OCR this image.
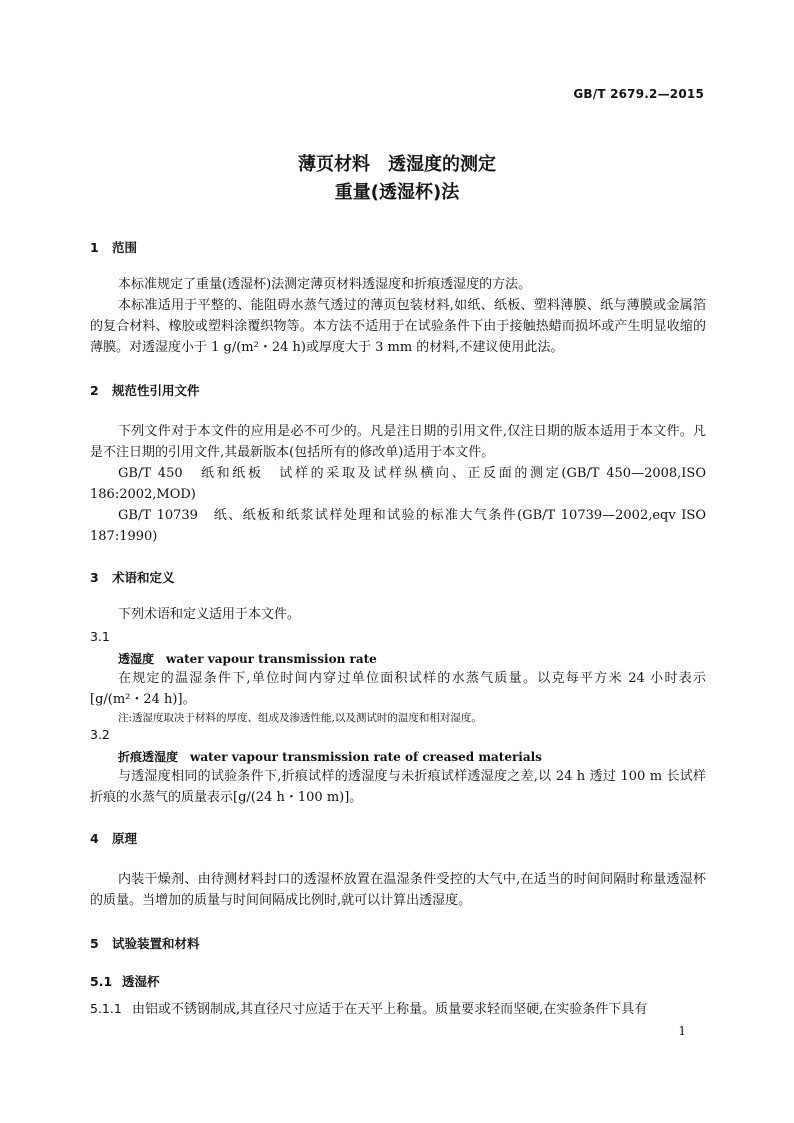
GB/T 2679.2—2015
薄页材料　透湿度的测定
重量(透湿杯)法
1 范围
本标准规定了重量(透湿杯)法测定薄页材料透湿度和折痕透湿度的方法。
本标准适用于平整的、能阻碍水蒸气透过的薄页包装材料,如纸、纸板、塑料薄膜、纸与薄膜或金属箔的复合材料、橡胶或塑料涂覆织物等。本方法不适用于在试验条件下由于接触热蜡而损坏或产生明显收缩的薄膜。对透湿度小于 1 g/(m²・24 h)或厚度大于 3 mm 的材料,不建议使用此法。
2 规范性引用文件
下列文件对于本文件的应用是必不可少的。凡是注日期的引用文件,仅注日期的版本适用于本文件。凡是不注日期的引用文件,其最新版本(包括所有的修改单)适用于本文件。
GB/T 450　纸和纸板　试样的采取及试样纵横向、正反面的测定(GB/T 450—2008,ISO 186:2002,MOD)
GB/T 10739　纸、纸板和纸浆试样处理和试验的标准大气条件(GB/T 10739—2002,eqv ISO 187:1990)
3 术语和定义
下列术语和定义适用于本文件。
3.1
透湿度 water vapour transmission rate
在规定的温湿条件下,单位时间内穿过单位面积试样的水蒸气质量。以克每平方米 24 小时表示[g/(m²・24 h)]。
注:透湿度取决于材料的厚度、组成及渗透性能,以及测试时的温度和相对湿度。
3.2
折痕透湿度 water vapour transmission rate of creased materials
与透湿度相同的试验条件下,折痕试样的透湿度与未折痕试样透湿度之差,以 24 h 透过 100 m 长试样折痕的水蒸气的质量表示[g/(24 h・100 m)]。
4 原理
内装干燥剂、由待测材料封口的透湿杯放置在温湿条件受控的大气中,在适当的时间间隔时称量透湿杯的质量。当增加的质量与时间间隔成比例时,就可以计算出透湿度。
5 试验装置和材料
5.1 透湿杯
5.1.1 由铝或不锈钢制成,其直径尺寸应适于在天平上称量。质量要求轻而坚硬,在实验条件下具有
1
